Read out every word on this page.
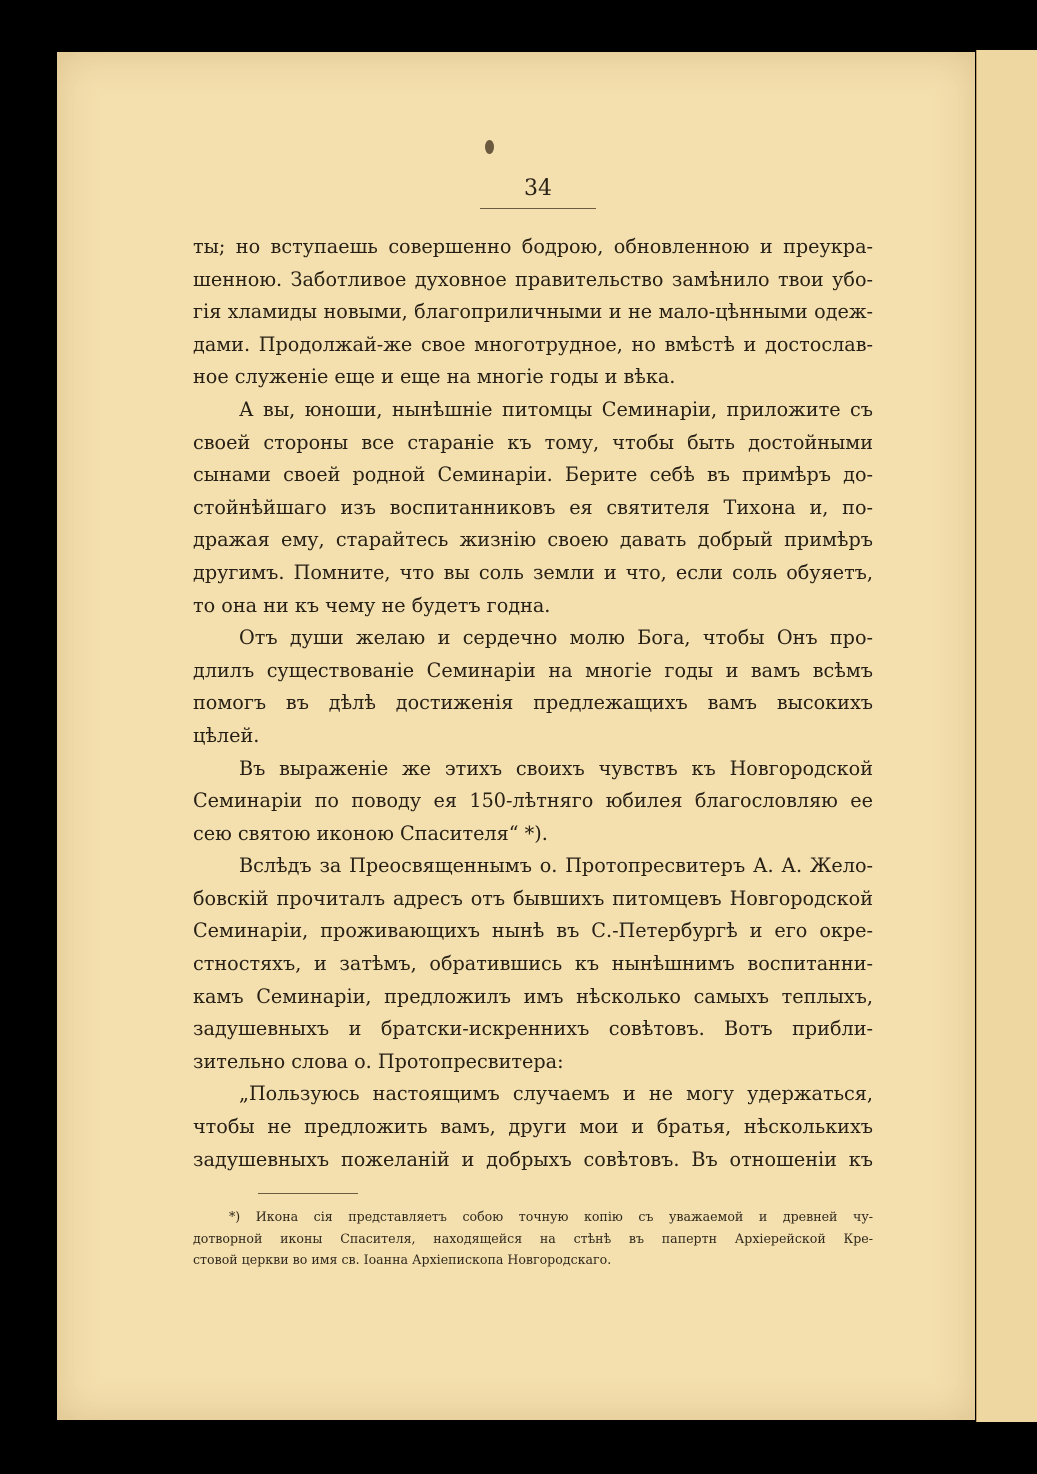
34
ты; но вступаешь совершенно бодрою, обновленною и преукра-
шенною. Заботливое духовное правительство замѣнило твои убо-
гія хламиды новыми, благоприличными и не мало-цѣнными одеж-
дами. Продолжай-же свое многотрудное, но вмѣстѣ и достослав-
ное служеніе еще и еще на многіе годы и вѣка.
А вы, юноши, нынѣшніе питомцы Семинаріи, приложите съ
своей стороны все стараніе къ тому, чтобы быть достойными
сынами своей родной Семинаріи. Берите себѣ въ примѣръ до-
стойнѣйшаго изъ воспитанниковъ ея святителя Тихона и, по-
дражая ему, старайтесь жизнію своею давать добрый примѣръ
другимъ. Помните, что вы соль земли и что, если соль обуяетъ,
то она ни къ чему не будетъ годна.
Отъ души желаю и сердечно молю Бога, чтобы Онъ про-
длилъ существованіе Семинаріи на многіе годы и вамъ всѣмъ
помогъ въ дѣлѣ достиженія предлежащихъ вамъ высокихъ
цѣлей.
Въ выраженіе же этихъ своихъ чувствъ къ Новгородской
Семинаріи по поводу ея 150-лѣтняго юбилея благословляю ее
сею святою иконою Спасителя“ *).
Вслѣдъ за Преосвященнымъ о. Протопресвитеръ А. А. Жело-
бовскій прочиталъ адресъ отъ бывшихъ питомцевъ Новгородской
Семинаріи, проживающихъ нынѣ въ С.-Петербургѣ и его окре-
стностяхъ, и затѣмъ, обратившись къ нынѣшнимъ воспитанни-
камъ Семинаріи, предложилъ имъ нѣсколько самыхъ теплыхъ,
задушевныхъ и братски-искреннихъ совѣтовъ. Вотъ прибли-
зительно слова о. Протопресвитера:
„Пользуюсь настоящимъ случаемъ и не могу удержаться,
чтобы не предложить вамъ, други мои и братья, нѣсколькихъ
задушевныхъ пожеланій и добрыхъ совѣтовъ. Въ отношеніи къ
*) Икона сія представляетъ собою точную копію съ уважаемой и древней чу-
дотворной иконы Спасителя, находящейся на стѣнѣ въ папертн Архіерейской Кре-
стовой церкви во имя св. Іоанна Архіепископа Новгородскаго.
